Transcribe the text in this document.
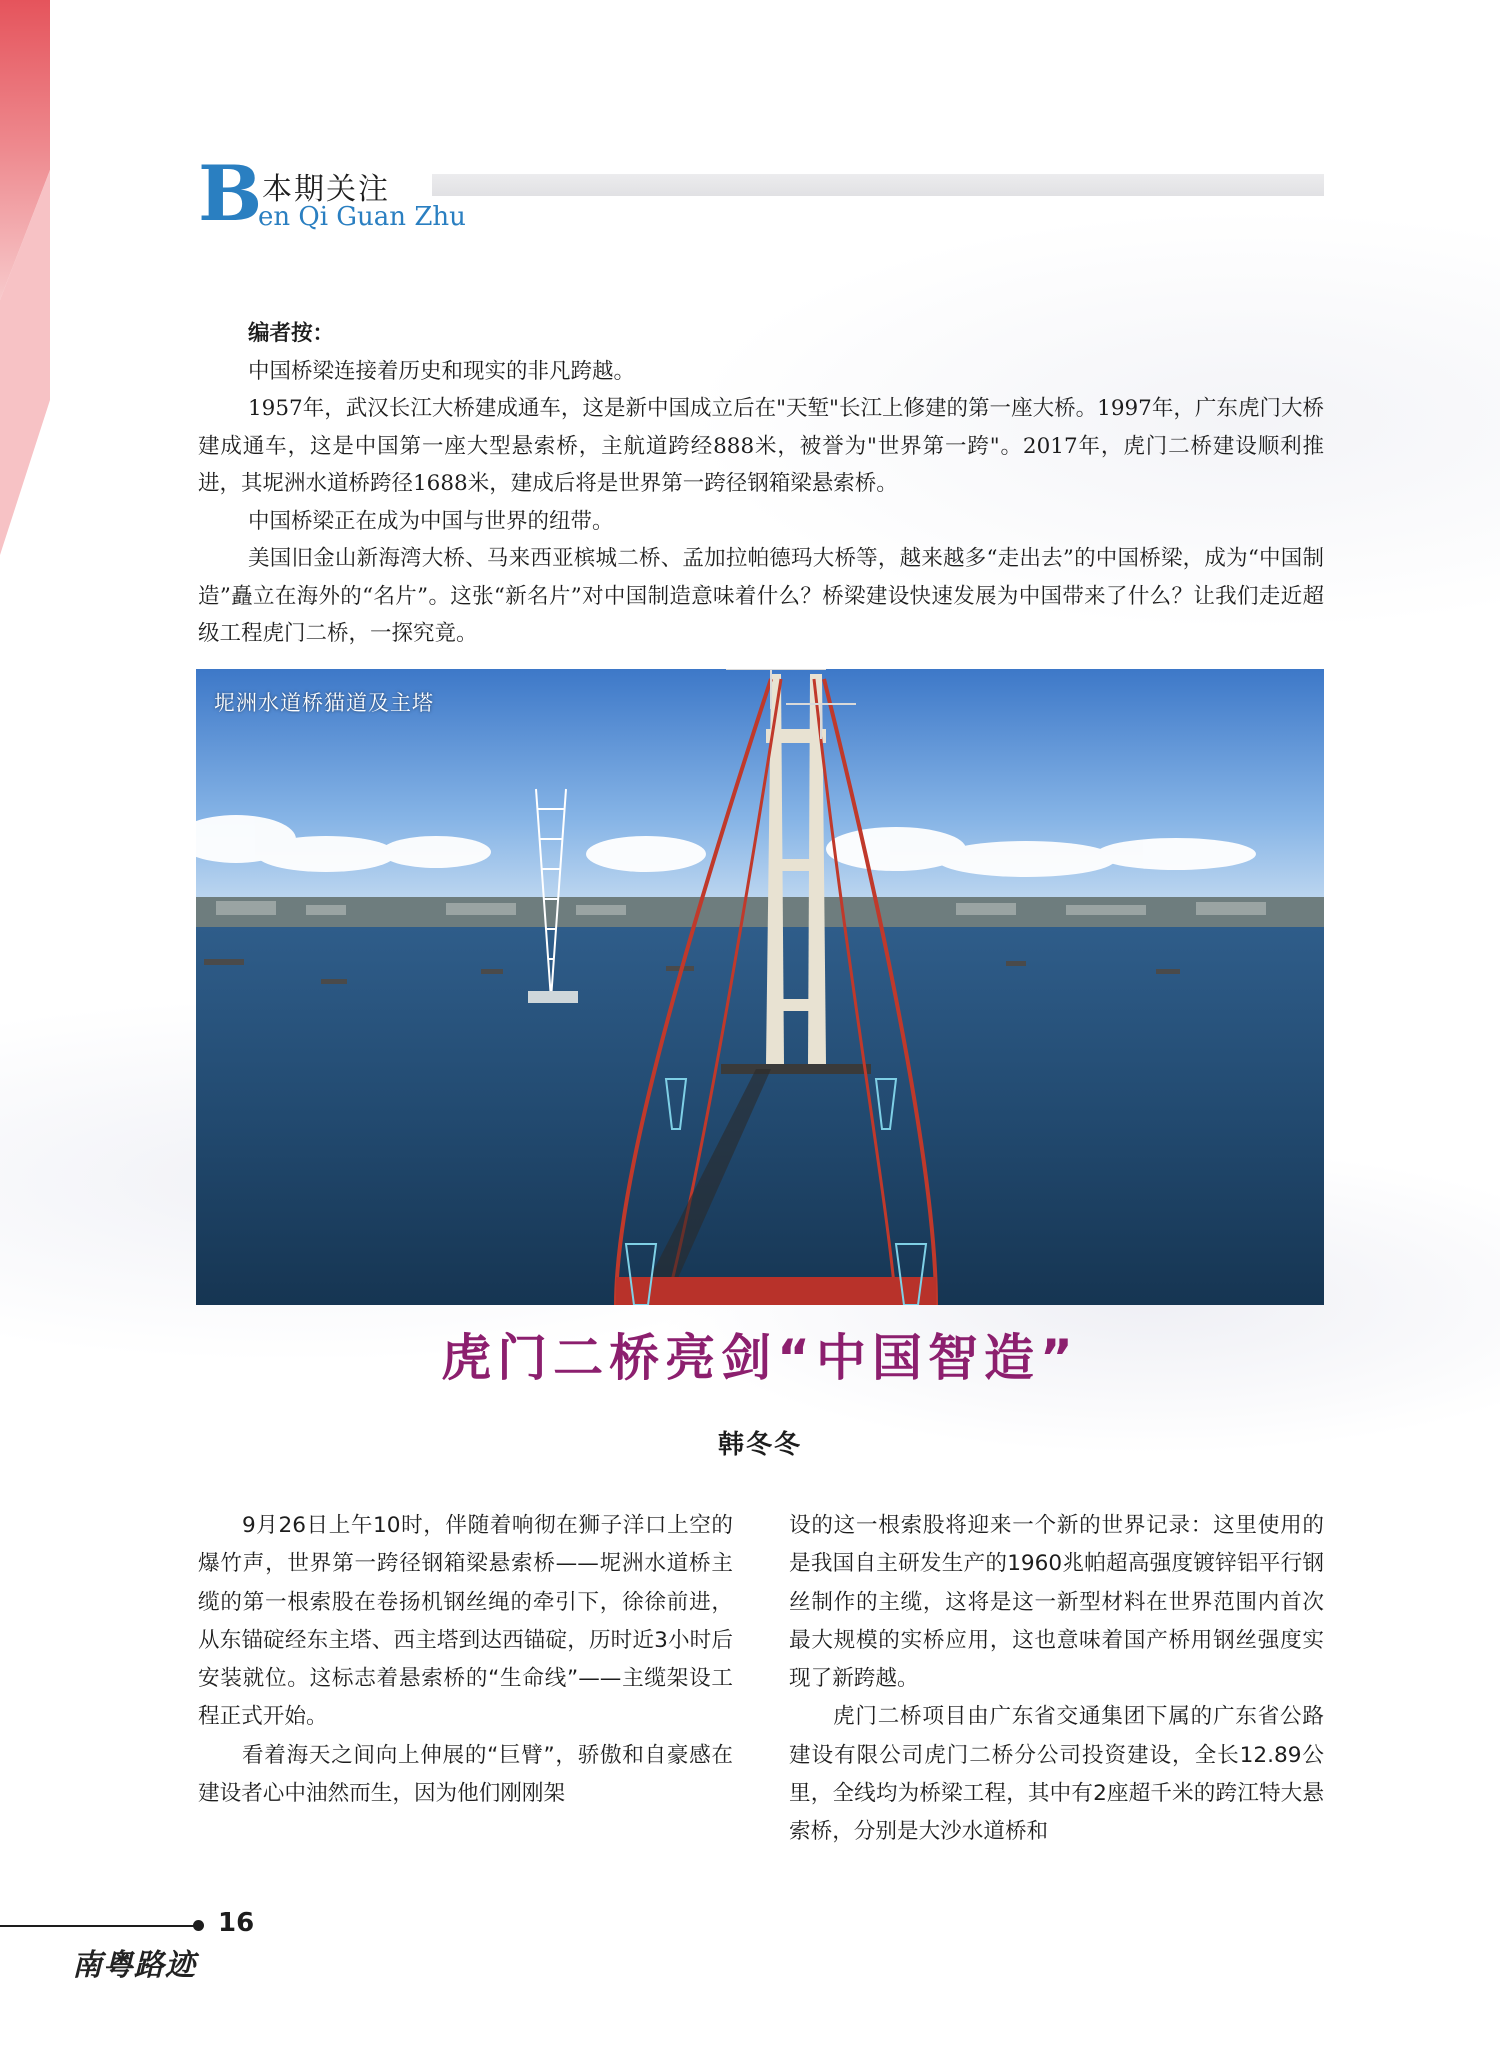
B 本期关注
en Qi Guan Zhu

编者按：

中国桥梁连接着历史和现实的非凡跨越。

1957年，武汉长江大桥建成通车，这是新中国成立后在"天堑"长江上修建的第一座大桥。1997年，广东虎门大桥建成通车，这是中国第一座大型悬索桥，主航道跨经888米，被誉为"世界第一跨"。2017年，虎门二桥建设顺利推进，其坭洲水道桥跨径1688米，建成后将是世界第一跨径钢箱梁悬索桥。

中国桥梁正在成为中国与世界的纽带。

美国旧金山新海湾大桥、马来西亚槟城二桥、孟加拉帕德玛大桥等，越来越多“走出去”的中国桥梁，成为“中国制造”矗立在海外的“名片”。这张“新名片”对中国制造意味着什么？桥梁建设快速发展为中国带来了什么？让我们走近超级工程虎门二桥，一探究竟。

坭洲水道桥猫道及主塔
虎门二桥亮剑“中国智造”
韩冬冬

9月26日上午10时，伴随着响彻在狮子洋口上空的爆竹声，世界第一跨径钢箱梁悬索桥——坭洲水道桥主缆的第一根索股在卷扬机钢丝绳的牵引下，徐徐前进，从东锚碇经东主塔、西主塔到达西锚碇，历时近3小时后安装就位。这标志着悬索桥的“生命线”——主缆架设工程正式开始。

看着海天之间向上伸展的“巨臂”，骄傲和自豪感在建设者心中油然而生，因为他们刚刚架

设的这一根索股将迎来一个新的世界记录：这里使用的是我国自主研发生产的1960兆帕超高强度镀锌铝平行钢丝制作的主缆，这将是这一新型材料在世界范围内首次最大规模的实桥应用，这也意味着国产桥用钢丝强度实现了新跨越。

虎门二桥项目由广东省交通集团下属的广东省公路建设有限公司虎门二桥分公司投资建设，全长12.89公里，全线均为桥梁工程，其中有2座超千米的跨江特大悬索桥，分别是大沙水道桥和

16
南粤路迹
